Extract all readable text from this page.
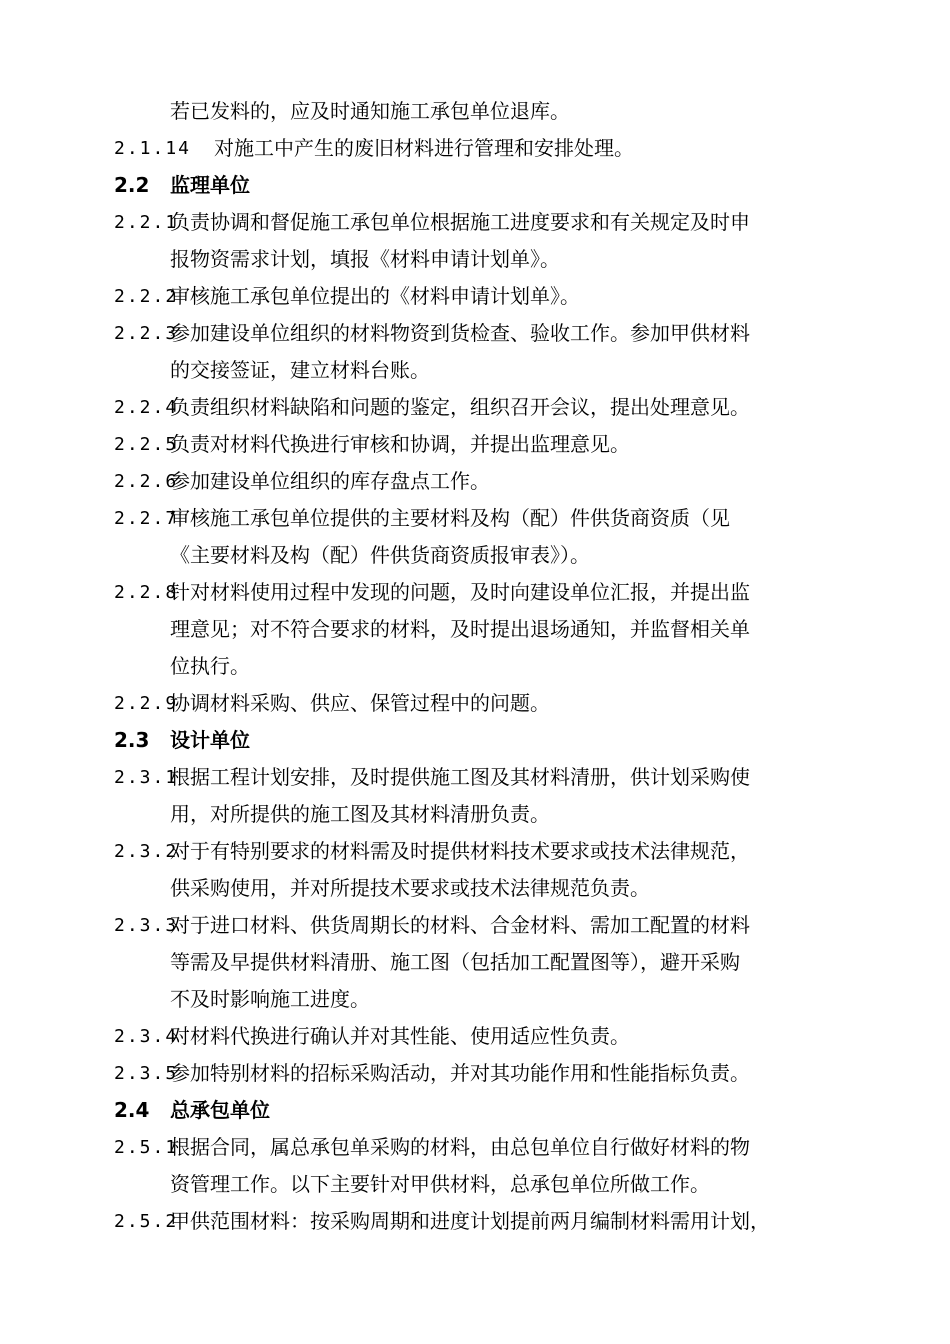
若已发料的，应及时通知施工承包单位退库。
2.1.14 对施工中产生的废旧材料进行管理和安排处理。
2.2 监理单位
2.2.1
负责协调和督促施工承包单位根据施工进度要求和有关规定及时申
报物资需求计划，填报《材料申请计划单》。
2.2.2
审核施工承包单位提出的《材料申请计划单》。
2.2.3
参加建设单位组织的材料物资到货检查、验收工作。参加甲供材料
的交接签证，建立材料台账。
2.2.4
负责组织材料缺陷和问题的鉴定，组织召开会议，提出处理意见。
2.2.5
负责对材料代换进行审核和协调，并提出监理意见。
2.2.6
参加建设单位组织的库存盘点工作。
2.2.7
审核施工承包单位提供的主要材料及构（配）件供货商资质（见
《主要材料及构（配）件供货商资质报审表》）。
2.2.8
针对材料使用过程中发现的问题，及时向建设单位汇报，并提出监
理意见；对不符合要求的材料，及时提出退场通知，并监督相关单
位执行。
2.2.9
协调材料采购、供应、保管过程中的问题。
2.3 设计单位
2.3.1
根据工程计划安排，及时提供施工图及其材料清册，供计划采购使
用，对所提供的施工图及其材料清册负责。
2.3.2
对于有特别要求的材料需及时提供材料技术要求或技术法律规范，
供采购使用，并对所提技术要求或技术法律规范负责。
2.3.3
对于进口材料、供货周期长的材料、合金材料、需加工配置的材料
等需及早提供材料清册、施工图（包括加工配置图等），避开采购
不及时影响施工进度。
2.3.4
对材料代换进行确认并对其性能、使用适应性负责。
2.3.5
参加特别材料的招标采购活动，并对其功能作用和性能指标负责。
2.4 总承包单位
2.5.1
根据合同，属总承包单采购的材料，由总包单位自行做好材料的物
资管理工作。以下主要针对甲供材料，总承包单位所做工作。
2.5.2
甲供范围材料：按采购周期和进度计划提前两月编制材料需用计划，
